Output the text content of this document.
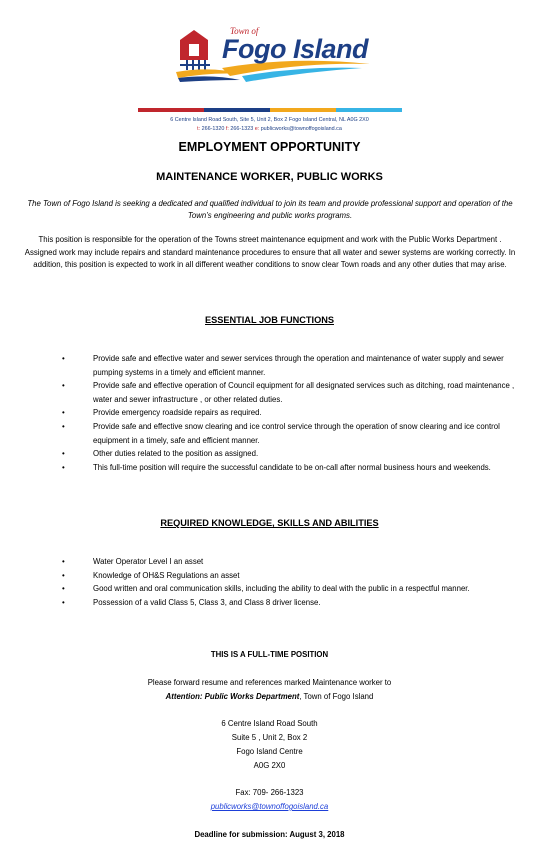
Town of
Fogo Island
6 Centre Island Road South, Site 5, Unit 2, Box 2 Fogo Island Central, NL A0G 2X0
t: 266-1320 f: 266-1323 e: publicworks@townoffogoisland.ca
EMPLOYMENT OPPORTUNITY
MAINTENANCE WORKER, PUBLIC WORKS
The Town of Fogo Island is seeking a dedicated and qualified individual to join its team and provide professional support and operation of the Town’s engineering and public works programs.
This position is responsible for the operation of the Towns street maintenance equipment and work with the Public Works Department . Assigned work may include repairs and standard maintenance procedures to ensure that all water and sewer systems are working correctly. In addition, this position is expected to work in all different weather conditions to snow clear Town roads and any other duties that may arise.
ESSENTIAL JOB FUNCTIONS
•	Provide safe and effective water and sewer services through the operation and maintenance of water supply and sewer pumping systems in a timely and efficient manner.
•	Provide safe and effective operation of Council equipment for all designated services such as ditching, road maintenance , water and sewer infrastructure , or other related duties.
•	Provide emergency roadside repairs as required.
•	Provide safe and effective snow clearing and ice control service through the operation of snow clearing and ice control equipment in a timely, safe and efficient manner.
•	Other duties related to the position as assigned.
•	This full-time position will require the successful candidate to be on-call after normal business hours and weekends.
REQUIRED KNOWLEDGE, SKILLS AND ABILITIES
•	Water Operator Level I an asset
•	Knowledge of OH&S Regulations an asset
•	Good written and oral communication skills, including the ability to deal with the public in a respectful manner.
•	Possession of a valid Class 5, Class 3, and Class 8 driver license.
THIS IS A FULL-TIME POSITION
Please forward resume and references marked Maintenance worker to
Attention: Public Works Department, Town of Fogo Island
6 Centre Island Road South
Suite 5 , Unit 2, Box 2
Fogo Island Centre
A0G 2X0
Fax: 709- 266-1323
publicworks@townoffogoisland.ca
Deadline for submission: August 3, 2018
